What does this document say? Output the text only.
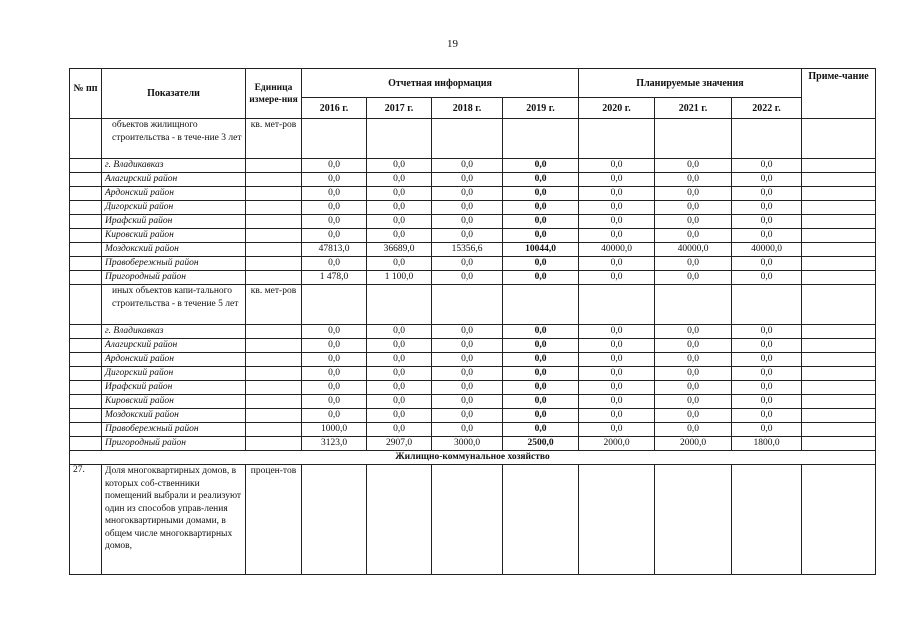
19
№ пп	Показатели	Единица измере-ния	Отчетная информация				Планируемые значения			Приме-чание
			2016 г.	2017 г.	2018 г.	2019 г.	2020 г.	2021 г.	2022 г.	
	объектов жилищного строительства - в тече-ние 3 лет	кв. мет-ров								
	г. Владикавказ		0,0	0,0	0,0	0,0	0,0	0,0	0,0	
	Алагирский район		0,0	0,0	0,0	0,0	0,0	0,0	0,0	
	Ардонский район		0,0	0,0	0,0	0,0	0,0	0,0	0,0	
	Дигорский район		0,0	0,0	0,0	0,0	0,0	0,0	0,0	
	Ирафский район		0,0	0,0	0,0	0,0	0,0	0,0	0,0	
	Кировский район		0,0	0,0	0,0	0,0	0,0	0,0	0,0	
	Моздокский район		47813,0	36689,0	15356,6	10044,0	40000,0	40000,0	40000,0	
	Правобережный район		0,0	0,0	0,0	0,0	0,0	0,0	0,0	
	Пригородный район		1 478,0	1 100,0	0,0	0,0	0,0	0,0	0,0	
	иных объектов капи-тального строительства - в течение 5 лет	кв. мет-ров								
	г. Владикавказ		0,0	0,0	0,0	0,0	0,0	0,0	0,0	
	Алагирский район		0,0	0,0	0,0	0,0	0,0	0,0	0,0	
	Ардонский район		0,0	0,0	0,0	0,0	0,0	0,0	0,0	
	Дигорский район		0,0	0,0	0,0	0,0	0,0	0,0	0,0	
	Ирафский район		0,0	0,0	0,0	0,0	0,0	0,0	0,0	
	Кировский район		0,0	0,0	0,0	0,0	0,0	0,0	0,0	
	Моздокский район		0,0	0,0	0,0	0,0	0,0	0,0	0,0	
	Правобережный район		1000,0	0,0	0,0	0,0	0,0	0,0	0,0	
	Пригородный район		3123,0	2907,0	3000,0	2500,0	2000,0	2000,0	1800,0	
Жилищно-коммунальное хозяйство										
27.	Доля многоквартирных домов, в которых соб-ственники помещений выбрали и реализуют один из способов управ-ления многоквартирными домами, в общем числе многоквартирных домов,	процен-тов								
